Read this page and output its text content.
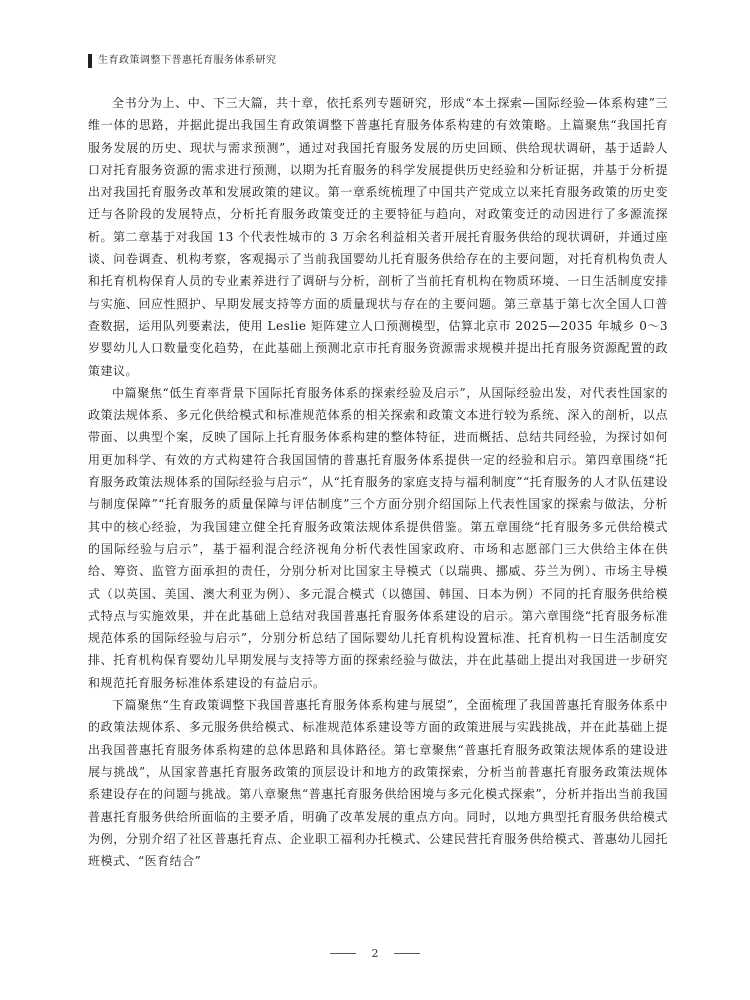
生育政策调整下普惠托育服务体系研究

全书分为上、中、下三大篇，共十章，依托系列专题研究，形成“本土探索—国际经验—体系构建”三维一体的思路，并据此提出我国生育政策调整下普惠托育服务体系构建的有效策略。上篇聚焦“我国托育服务发展的历史、现状与需求预测”，通过对我国托育服务发展的历史回顾、供给现状调研，基于适龄人口对托育服务资源的需求进行预测，以期为托育服务的科学发展提供历史经验和分析证据，并基于分析提出对我国托育服务改革和发展政策的建议。第一章系统梳理了中国共产党成立以来托育服务政策的历史变迁与各阶段的发展特点，分析托育服务政策变迁的主要特征与趋向，对政策变迁的动因进行了多源流探析。第二章基于对我国 13 个代表性城市的 3 万余名利益相关者开展托育服务供给的现状调研，并通过座谈、问卷调查、机构考察，客观揭示了当前我国婴幼儿托育服务供给存在的主要问题，对托育机构负责人和托育机构保育人员的专业素养进行了调研与分析，剖析了当前托育机构在物质环境、一日生活制度安排与实施、回应性照护、早期发展支持等方面的质量现状与存在的主要问题。第三章基于第七次全国人口普查数据，运用队列要素法，使用 Leslie 矩阵建立人口预测模型，估算北京市 2025—2035 年城乡 0～3 岁婴幼儿人口数量变化趋势，在此基础上预测北京市托育服务资源需求规模并提出托育服务资源配置的政策建议。

中篇聚焦“低生育率背景下国际托育服务体系的探索经验及启示”，从国际经验出发，对代表性国家的政策法规体系、多元化供给模式和标准规范体系的相关探索和政策文本进行较为系统、深入的剖析，以点带面、以典型个案，反映了国际上托育服务体系构建的整体特征，进而概括、总结共同经验，为探讨如何用更加科学、有效的方式构建符合我国国情的普惠托育服务体系提供一定的经验和启示。第四章围绕“托育服务政策法规体系的国际经验与启示”，从“托育服务的家庭支持与福利制度”“托育服务的人才队伍建设与制度保障”“托育服务的质量保障与评估制度”三个方面分别介绍国际上代表性国家的探索与做法，分析其中的核心经验，为我国建立健全托育服务政策法规体系提供借鉴。第五章围绕“托育服务多元供给模式的国际经验与启示”，基于福利混合经济视角分析代表性国家政府、市场和志愿部门三大供给主体在供给、筹资、监管方面承担的责任，分别分析对比国家主导模式（以瑞典、挪威、芬兰为例）、市场主导模式（以英国、美国、澳大利亚为例）、多元混合模式（以德国、韩国、日本为例）不同的托育服务供给模式特点与实施效果，并在此基础上总结对我国普惠托育服务体系建设的启示。第六章围绕“托育服务标准规范体系的国际经验与启示”，分别分析总结了国际婴幼儿托育机构设置标准、托育机构一日生活制度安排、托育机构保育婴幼儿早期发展与支持等方面的探索经验与做法，并在此基础上提出对我国进一步研究和规范托育服务标准体系建设的有益启示。

下篇聚焦“生育政策调整下我国普惠托育服务体系构建与展望”，全面梳理了我国普惠托育服务体系中的政策法规体系、多元服务供给模式、标准规范体系建设等方面的政策进展与实践挑战，并在此基础上提出我国普惠托育服务体系构建的总体思路和具体路径。第七章聚焦“普惠托育服务政策法规体系的建设进展与挑战”，从国家普惠托育服务政策的顶层设计和地方的政策探索，分析当前普惠托育服务政策法规体系建设存在的问题与挑战。第八章聚焦“普惠托育服务供给困境与多元化模式探索”，分析并指出当前我国普惠托育服务供给所面临的主要矛盾，明确了改革发展的重点方向。同时，以地方典型托育服务供给模式为例，分别介绍了社区普惠托育点、企业职工福利办托模式、公建民营托育服务供给模式、普惠幼儿园托班模式、“医育结合”

2
